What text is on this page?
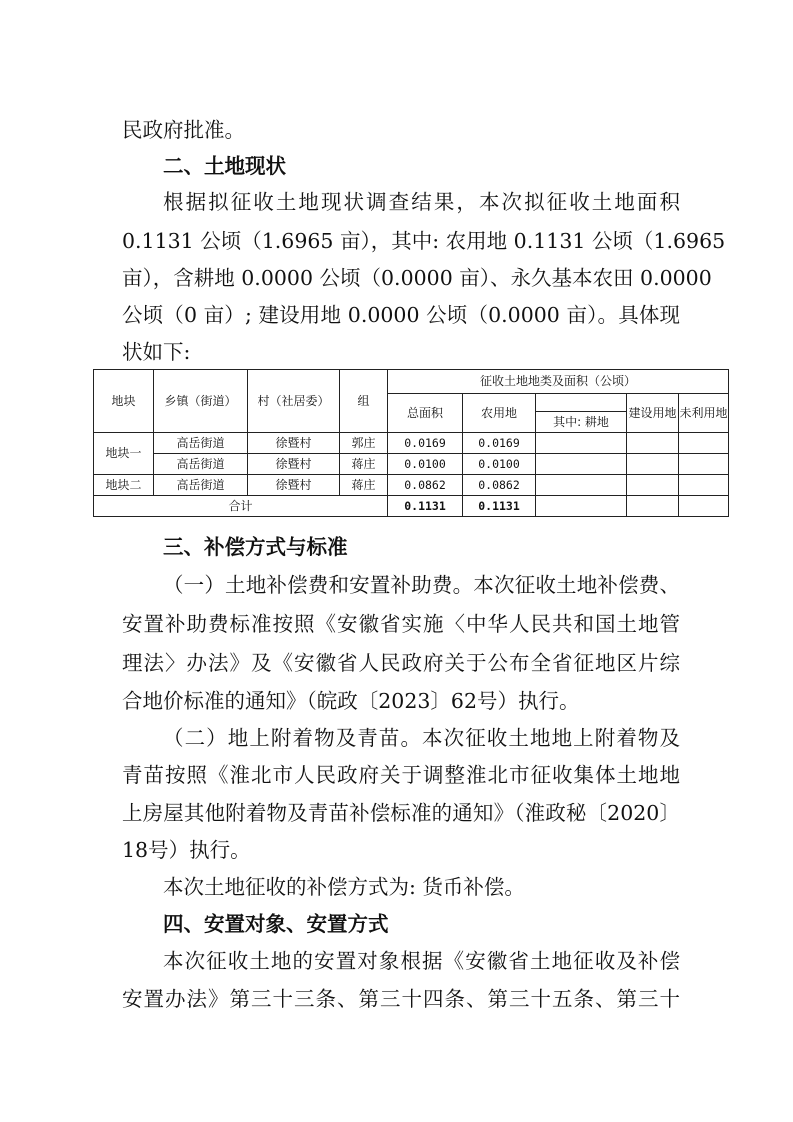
民政府批准。
二、土地现状
根据拟征收土地现状调查结果，本次拟征收土地面积
0.1131 公顷（1.6965 亩），其中: 农用地 0.1131 公顷（1.6965
亩），含耕地 0.0000 公顷（0.0000 亩）、永久基本农田 0.0000
公顷（0 亩）; 建设用地 0.0000 公顷（0.0000 亩）。具体现
状如下:
地块	乡镇（街道）	村（社居委）	组	征收土地地类及面积（公顷）				
				总面积	农用地		建设用地	未利用地
						其中: 耕地		
地块一	高岳街道	徐暨村	郭庄	0.0169	0.0169			
	高岳街道	徐暨村	蒋庄	0.0100	0.0100			
地块二	高岳街道	徐暨村	蒋庄	0.0862	0.0862			
合计				0.1131	0.1131			
三、补偿方式与标准
（一）土地补偿费和安置补助费。本次征收土地补偿费、
安置补助费标准按照《安徽省实施〈中华人民共和国土地管
理法〉办法》及《安徽省人民政府关于公布全省征地区片综
合地价标准的通知》（皖政〔2023〕62号）执行。
（二）地上附着物及青苗。本次征收土地地上附着物及
青苗按照《淮北市人民政府关于调整淮北市征收集体土地地
上房屋其他附着物及青苗补偿标准的通知》（淮政秘〔2020〕
18号）执行。
本次土地征收的补偿方式为: 货币补偿。
四、安置对象、安置方式
本次征收土地的安置对象根据《安徽省土地征收及补偿
安置办法》第三十三条、第三十四条、第三十五条、第三十
